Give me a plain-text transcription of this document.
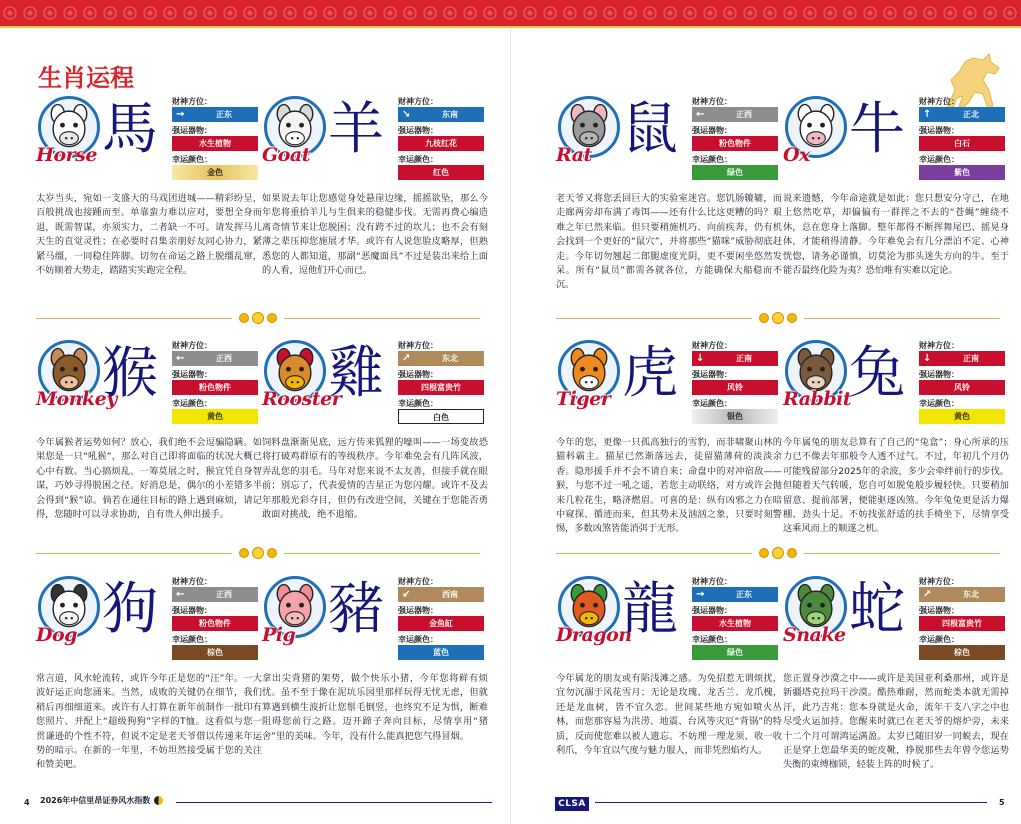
生肖运程
Horse 馬 财神方位：
→	正东
强运器物：
水生植物
幸运颜色：
金色
太岁当头，宛如一支盛大的马戏团进城——精彩纷呈，百般挑战也接踵而至。单靠蛮力难以应对，要想全身而退，既需智谋，亦须实力，二者缺一不可。请发挥马儿天生的直觉灵性；在必要时召集亲朋好友同心协力，紧紧马缰，一同稳住阵脚。切勿在命运之路上脱缰乱窜，不妨顺着大势走，踏踏实实跑完全程。
Goat 羊 财神方位：
↘	东南
强运器物：
九枝红花
幸运颜色：
红色
如果说去年让您感觉身处悬崖边缘，摇摇欲坠，那么今年您将重拾羊儿与生俱来的稳健步伐。无需再费心编造离奇情节来让您脱困；没有跨不过的坎儿；也不会有刻薄之辈压抑您施展才华。或许有人说您脸皮略厚，但熟悉您的人都知道，那副“恶魔面具”不过是装出来给上面的人看，逗他们开心而已。
Monkey
猴 财神方位：
←	正西
强运器物：
粉色物件
幸运颜色：
黄色
今年属猴者运势如何？放心，我们绝不会逗骗隐瞒。如果您是一只“吼猴”，那么对自己即将面临的状况大概已心中有数。当心搞烦乱、一筹莫展之时，猴宜凭自身智谋，巧妙寻得脱困之径。好消息是，偶尔的小差错多半会得到“猴”谅。倘若在通往目标的路上遇到麻烦，请记得，您随时可以寻求协助，自有贵人伸出援手。
Rooster
雞 财神方位：
↗	东北
强运器物：
四根富贵竹
幸运颜色：
白色
饲料盘渐渐见底，远方传来狐狸的嚎叫——一场变故恐将打破鸡群原有的等级秩序。今年难免会有几阵风波，弄乱您的羽毛。马年对您来说不太友善，但接手就在眼前；别忘了，代表爱情的吉星正为您闪耀。或许不及去年那般光彩夺目，但仍有改进空间，关键在于您能否勇敢面对挑战，绝不退缩。
Dog 狗 财神方位：
←	正西
强运器物：
粉色物件
幸运颜色：
棕色
常言道，风水轮流转，或许今年正是您的“汪”年。一大波好运正向您涌来。当然，成败的关键仍在细节，我们稍后再细细道来。或许有人打算在新年前制作一批印有您照片、并配上“超级狗狗”字样的T恤。这看似与您一贯谦逊的个性不符，但说不定是老天爷借以传递来年运势的暗示。在新的一年里，不妨坦然接受属于您的关注和赞美吧。
Pig 豬 财神方位：
↙	西南
强运器物：
金鱼缸
幸运颜色：
蓝色
拿出尖背猪的架势，做个快乐小猪，今年您将鲜有烦忧。虽不至于像在泥坑乐园里那样玩得无忧无虑，但就算遇到横生波折让您鬃毛倒竖，也终究不足为惧，断难阻碍您前行之路。迈开蹄子奔向目标，尽情享用“猪舍”里的美味。今年，没有什么能真把您气得冒烟。
4 2026年中信里昂证券风水指数
Rat 鼠 财神方位：
←	正西
强运器物：
粉色物件
幸运颜色：
绿色
老天爷又将您丢回巨大的实验室迷宫。您饥肠辘辘，而走廊两旁却布满了毒饵——还有什么比这更糟的吗？艰难之年已然来临。但只要稍施机巧、向前疾奔，仍有机会找到一个更好的“鼠穴”，并将那些“猫咪”威胁彻底赶走。今年切勿翘起二郎腿虚度光阴，更不要闲坐悠然发呆。所有“鼠员”都需各就各位，方能确保大船稳而不沉。
Ox 牛 财神方位：
↑	正北
强运器物：
白石
幸运颜色：
紫色
说来遗憾，今年命途就是如此：您只想安分守己，在地上悠然吃草，却偏偏有一群挥之不去的“苍蝇”缠绕不休，总在您身上落脚。整年都得不断挥舞尾巴、摇晃身体，才能稍得清静。今年难免会有几分漂泊不定、心神恍惚，请务必谨慎，切莫沦为那头迷失方向的牛。至于能否最终化险为夷？恐怕唯有实难以定论。
Tiger 虎 财神方位：
↓	正南
强运器物：
风铃
幸运颜色：
银色
今年的您，更像一只孤高独行的雪豹，而非啸聚山林的猫科霸主。猫星已然渐落远去，徒留猫薄荷的淡淡余香。隐形援手并不会不请自来；命盘中的对冲宿敌——猴，与您不过一吼之遥，若您主动联络，对方或许会抛来几粒花生，略济燃眉。可喜的是：纵有凶邪之力在暗中窥探、循迹而来，但其势未及汹汹之象，只要时刻警惕，多数凶煞皆能消弭于无形。
Rabbit
兔 财神方位：
↓	正南
强运器物：
风铃
幸运颜色：
黄色
今年属兔的朋友总算有了自己的“兔盒”；身心所承的压力已不像去年那般令人透不过气。不过，年初几个月仍可能残留部分2025年的余波，多少会牵绊前行的步伐。但随着天气转暖，您自可如脱兔般步履轻快。只要稍加留意、提前部署，便能驱逐凶煞。今年兔兔更是活力爆棚、劲头十足。不妨找张舒适的扶手椅坐下，尽情享受这乘风而上的顺遂之机。
Dragon
龍 财神方位：
→	正东
强运器物：
水生植物
幸运颜色：
绿色
今年属龙的朋友或有陷浅滩之感。为免招惹无谓烦扰，宜勿沉溺于风花雪月；无论是玫瑰、龙舌兰、龙爪槐，还是龙血树，皆不宜久恋。世间某些地方宛如喷火丛林，而您那容易为洪涝、地震、台风等灾厄“背锅”的特质，反而使您难以被人遗忘。不妨理一理龙须、收一收利爪，今年宜以气度与魅力服人，而非凭烈焰灼人。
Snake 蛇 财神方位：
↗	东北
强运器物：
四根富贵竹
幸运颜色：
棕色
您正置身沙漠之中——或许是美国亚利桑那州，或许是新疆塔克拉玛干沙漠。酷热难耐，然而蛇类本就无需掉汗，此乃吉兆：您本身就是火命，流年干支八字之中也尽受火运加持。您醒来时就已在老天爷的熔炉旁，未来十二个月可谓鸿运满盈。太岁已随旧岁一同蜕去，现在正是穿上您最华美的蛇皮靴，挣脱那些去年曾令您运势失衡的束缚枷锁，轻装上阵的时候了。
CLSA	5
